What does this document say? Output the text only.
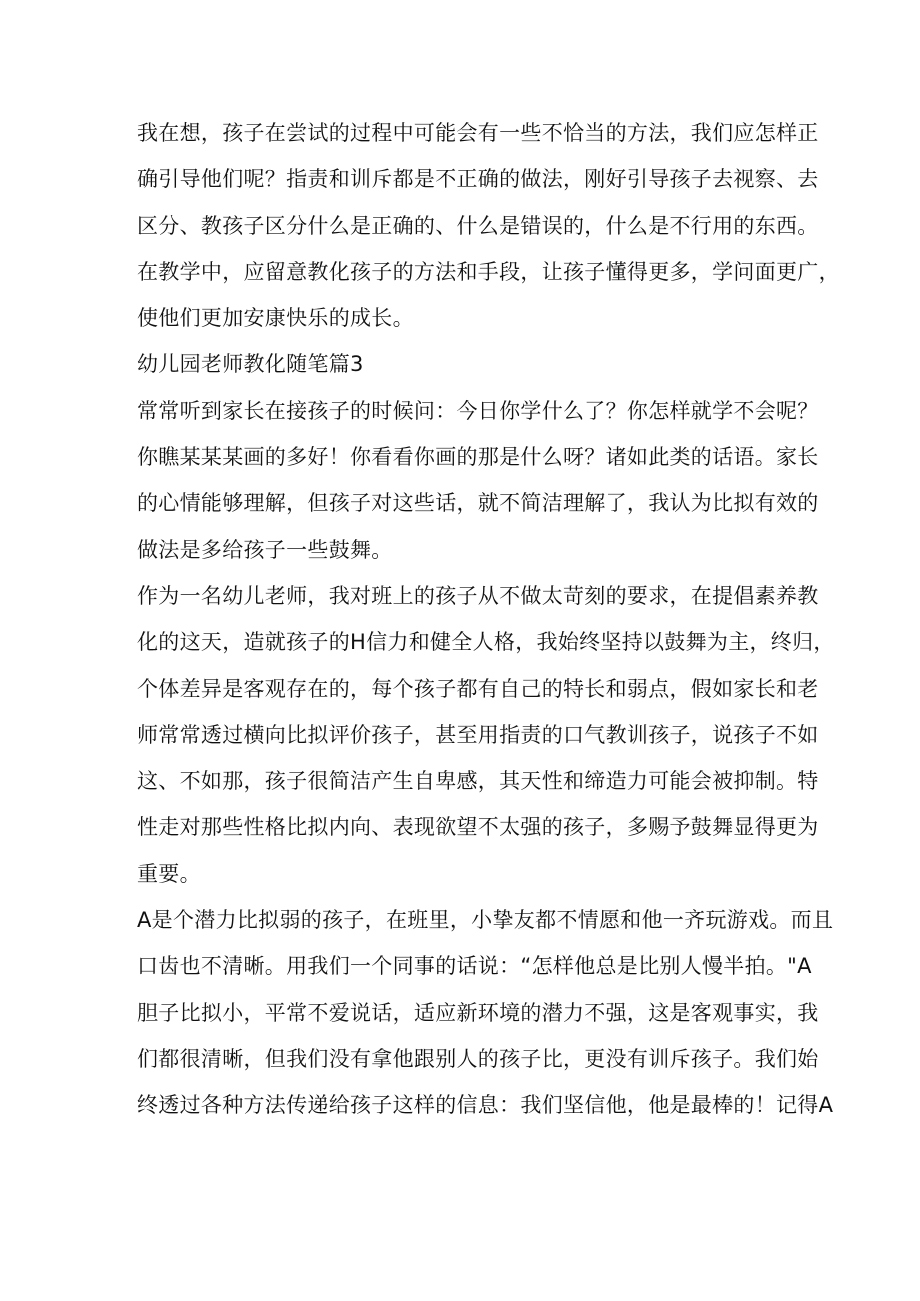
我在想，孩子在尝试的过程中可能会有一些不恰当的方法，我们应怎样正
确引导他们呢？指责和训斥都是不正确的做法，刚好引导孩子去视察、去
区分、教孩子区分什么是正确的、什么是错误的，什么是不行用的东西。
在教学中，应留意教化孩子的方法和手段，让孩子懂得更多，学问面更广，
使他们更加安康快乐的成长。
幼儿园老师教化随笔篇3
常常听到家长在接孩子的时候问：今日你学什么了？你怎样就学不会呢？
你瞧某某某画的多好！你看看你画的那是什么呀？诸如此类的话语。家长
的心情能够理解，但孩子对这些话，就不简洁理解了，我认为比拟有效的
做法是多给孩子一些鼓舞。
作为一名幼儿老师，我对班上的孩子从不做太苛刻的要求，在提倡素养教
化的这天，造就孩子的H信力和健全人格，我始终坚持以鼓舞为主，终归，
个体差异是客观存在的，每个孩子都有自己的特长和弱点，假如家长和老
师常常透过横向比拟评价孩子，甚至用指责的口气教训孩子，说孩子不如
这、不如那，孩子很简洁产生自卑感，其天性和缔造力可能会被抑制。特
性走对那些性格比拟内向、表现欲望不太强的孩子，多赐予鼓舞显得更为
重要。
A是个潜力比拟弱的孩子，在班里，小挚友都不情愿和他一齐玩游戏。而且
口齿也不清晰。用我们一个同事的话说：“怎样他总是比别人慢半拍。"A
胆子比拟小，平常不爱说话，适应新环境的潜力不强，这是客观事实，我
们都很清晰，但我们没有拿他跟别人的孩子比，更没有训斥孩子。我们始
终透过各种方法传递给孩子这样的信息：我们坚信他，他是最棒的！记得A
